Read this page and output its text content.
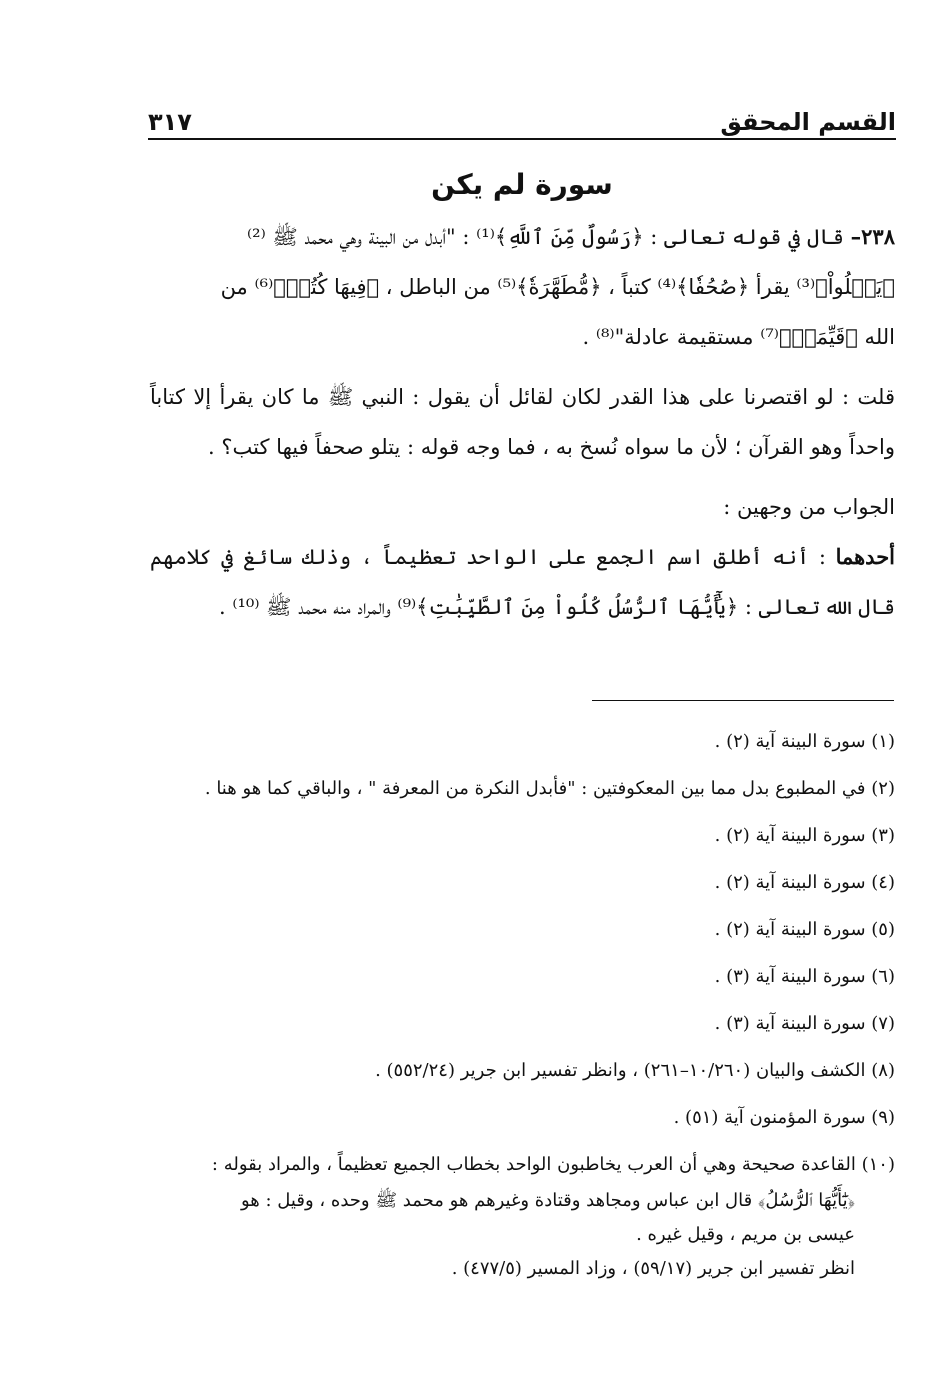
القسم المحقق
٣١٧
سورة لم يكن

٢٣٨– قال في قوله تعالى : ﴿رَسُولٌ مِّنَ ٱللَّهِ﴾⁽¹⁾ : "أبدل من البينة وهي محمد ﷺ ⁽²⁾

﴿يَتۡلُواْ﴾⁽³⁾ يقرأ ﴿صُحُفٗا﴾⁽⁴⁾ كتباً ، ﴿مُّطَهَّرَةٗ﴾⁽⁵⁾ من الباطل ، ﴿فِيهَا كُتُبٞ﴾⁽⁶⁾ من

الله ﴿قَيِّمَةٞ﴾⁽⁷⁾ مستقيمة عادلة"⁽⁸⁾ .

قلت : لو اقتصرنا على هذا القدر لكان لقائل أن يقول : النبي ﷺ ما كان يقرأ إلا كتاباً واحداً وهو القرآن ؛ لأن ما سواه نُسخ به ، فما وجه قوله : يتلو صحفاً فيها كتب؟ .

الجواب من وجهين :

أحدهما : أنه أطلق اسم الجمع على الواحد تعظيماً ، وذلك سائغ في كلامهم قال الله تعالى : ﴿يَٰٓأَيُّهَا ٱلرُّسُلُ كُلُواْ مِنَ ٱلطَّيِّبَٰتِ﴾⁽⁹⁾ والمراد منه محمد ﷺ ⁽¹⁰⁾ .

(١) سورة البينة آية (٢) .

(٢) في المطبوع بدل مما بين المعكوفتين : "فأبدل النكرة من المعرفة " ، والباقي كما هو هنا .

(٣) سورة البينة آية (٢) .

(٤) سورة البينة آية (٢) .

(٥) سورة البينة آية (٢) .

(٦) سورة البينة آية (٣) .

(٧) سورة البينة آية (٣) .

(٨) الكشف والبيان (١٠/٢٦٠–٢٦١) ، وانظر تفسير ابن جرير (٥٥٢/٢٤) .

(٩) سورة المؤمنون آية (٥١) .

(١٠) القاعدة صحيحة وهي أن العرب يخاطبون الواحد بخطاب الجميع تعظيماً ، والمراد بقوله :

﴿يَٰٓأَيُّهَا ٱلرُّسُلُ﴾ قال ابن عباس ومجاهد وقتادة وغيرهم هو محمد ﷺ وحده ، وقيل : هو

عيسى بن مريم ، وقيل غيره .

انظر تفسير ابن جرير (٥٩/١٧) ، وزاد المسير (٤٧٧/٥) .
